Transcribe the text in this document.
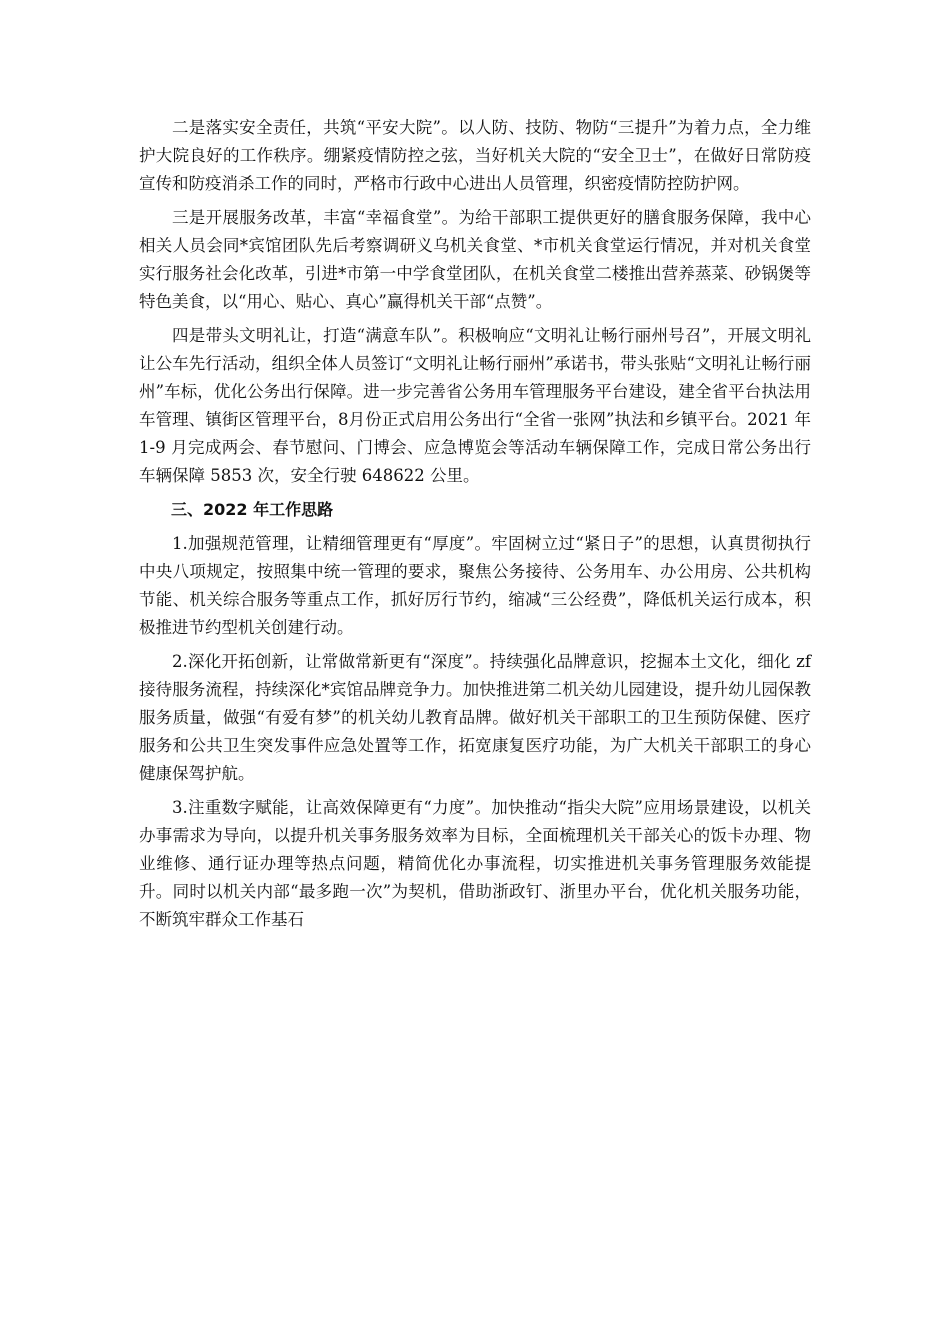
二是落实安全责任，共筑“平安大院”。以人防、技防、物防“三提升”为着力点，全力维护大院良好的工作秩序。绷紧疫情防控之弦，当好机关大院的“安全卫士”，在做好日常防疫宣传和防疫消杀工作的同时，严格市行政中心进出人员管理，织密疫情防控防护网。

三是开展服务改革，丰富“幸福食堂”。为给干部职工提供更好的膳食服务保障，我中心相关人员会同*宾馆团队先后考察调研义乌机关食堂、*市机关食堂运行情况，并对机关食堂实行服务社会化改革，引进*市第一中学食堂团队，在机关食堂二楼推出营养蒸菜、砂锅煲等特色美食，以“用心、贴心、真心”赢得机关干部“点赞”。

四是带头文明礼让，打造“满意车队”。积极响应“文明礼让畅行丽州号召”，开展文明礼让公车先行活动，组织全体人员签订“文明礼让畅行丽州”承诺书，带头张贴“文明礼让畅行丽州”车标，优化公务出行保障。进一步完善省公务用车管理服务平台建设，建全省平台执法用车管理、镇街区管理平台，8月份正式启用公务出行“全省一张网”执法和乡镇平台。2021 年 1-9 月完成两会、春节慰问、门博会、应急博览会等活动车辆保障工作，完成日常公务出行车辆保障 5853 次，安全行驶 648622 公里。

三、2022 年工作思路

1.加强规范管理，让精细管理更有“厚度”。牢固树立过“紧日子”的思想，认真贯彻执行中央八项规定，按照集中统一管理的要求，聚焦公务接待、公务用车、办公用房、公共机构节能、机关综合服务等重点工作，抓好厉行节约，缩减“三公经费”，降低机关运行成本，积极推进节约型机关创建行动。

2.深化开拓创新，让常做常新更有“深度”。持续强化品牌意识，挖掘本土文化，细化 zf 接待服务流程，持续深化*宾馆品牌竞争力。加快推进第二机关幼儿园建设，提升幼儿园保教服务质量，做强“有爱有梦”的机关幼儿教育品牌。做好机关干部职工的卫生预防保健、医疗服务和公共卫生突发事件应急处置等工作，拓宽康复医疗功能，为广大机关干部职工的身心健康保驾护航。

3.注重数字赋能，让高效保障更有“力度”。加快推动“指尖大院”应用场景建设，以机关办事需求为导向，以提升机关事务服务效率为目标，全面梳理机关干部关心的饭卡办理、物业维修、通行证办理等热点问题，精简优化办事流程，切实推进机关事务管理服务效能提升。同时以机关内部“最多跑一次”为契机，借助浙政钉、浙里办平台，优化机关服务功能，不断筑牢群众工作基石
